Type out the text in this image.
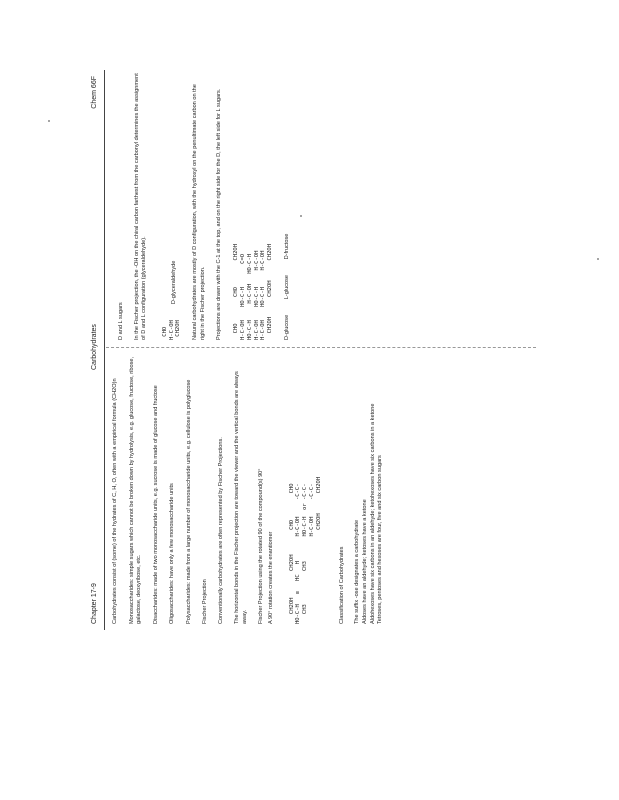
Chapter 17-9
Carbohydrates
Chem 66F

Carbohydrates consist of (some) of the hydrates of C, H, O, often with a empirical formula (CH2O)n Monosaccharides: simple sugars which cannot be broken down by hydrolysis, e.g. glucose, fructose, ribose, galactose, deoxyribose, etc. Disaccharides: made of two monosaccharide units, e.g. sucrose is made of glucose and fructose Oligosaccharides: have only a few monosaccharide units Polysaccharides: made from a large number of monosaccharide units, e.g. cellulose is polyglucose Fischer Projection Conventionally carbohydrates are often represented by Fischer Projections. The horizontal bonds in the Fischer projection are toward the viewer and the vertical bonds are always away. Fischer Projection using the rotated 90 of the compound(s) 90° A 90° rotation creates the enantiomer	CH2OH        CH2OH
HO-C-H   ≡   HC   H
CH3          CH3
CHO        CHO
H-C-OH     -C-C-
HO-C-H  or -C-C-
H-C-OH     -C-C-
CH2OH      CH2OH

Classification of Carbohydrates The suffix -ose designates a carbohydrate Aldoses have an aldehyde; ketoses have a ketone Aldohexoses have six carbons in an aldehyde; ketohexoses have six carbons in a ketone Tetroses, pentoses and hexoses are four, five and six carbon sugars

D and L sugars In the Fischer projection, the -OH on the chiral carbon farthest from the carbonyl determines the assignment of D and L configuration (glyceraldehyde).	CHO
H-C-OH
CH2OH
D-glyceraldehyde	Natural carbohydrates are mostly of D configuration, with the hydroxyl on the penultimate carbon on the right in the Fischer projection. Projections are drawn with the C-1 at the top, and on the right side for the D, the left side for L sugars. CHO        CHO        CH2OH
H-C-OH    HO-C-H       C=O
HO-C-H     H-C-OH   HO-C-H
H-C-OH    HO-C-H     H-C-OH
H-C-OH    HO-C-H     H-C-OH
CH2OH      CH2OH      CH2OH
D-glucose L-glucose D-fructose
